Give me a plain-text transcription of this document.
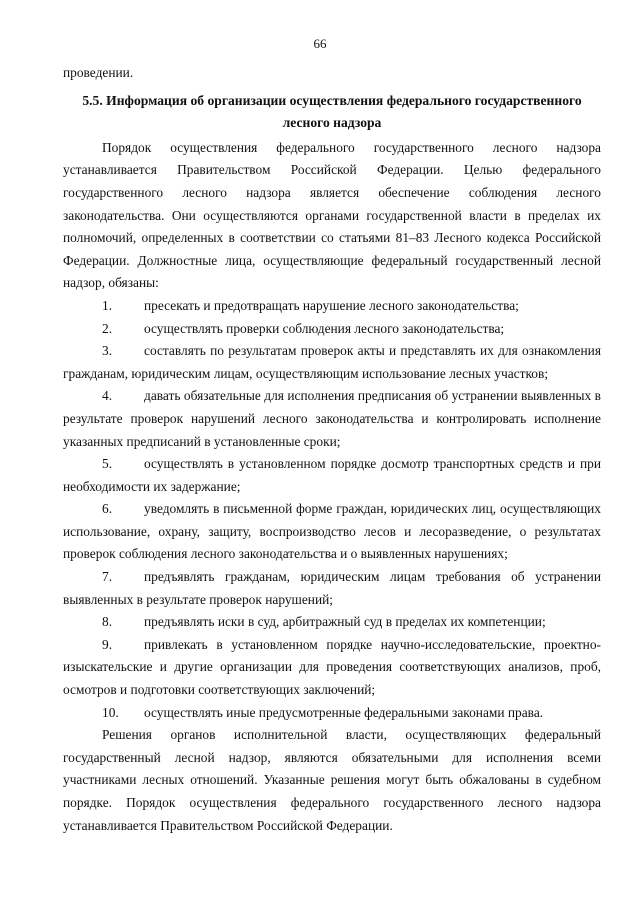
66

проведении.

5.5. Информация об организации осуществления федерального государственного лесного надзора

Порядок осуществления федерального государственного лесного надзора устанавливается Правительством Российской Федерации. Целью федерального государственного лесного надзора является обеспечение соблюдения лесного законодательства. Они осуществляются органами государственной власти в пределах их полномочий, определенных в соответствии со статьями 81–83 Лесного кодекса Российской Федерации. Должностные лица, осуществляющие федеральный государственный лесной надзор, обязаны:

1. пресекать и предотвращать нарушение лесного законодательства;
2. осуществлять проверки соблюдения лесного законодательства;
3. составлять по результатам проверок акты и представлять их для ознакомления гражданам, юридическим лицам, осуществляющим использование лесных участков;
4. давать обязательные для исполнения предписания об устранении выявленных в результате проверок нарушений лесного законодательства и контролировать исполнение указанных предписаний в установленные сроки;
5. осуществлять в установленном порядке досмотр транспортных средств и при необходимости их задержание;
6. уведомлять в письменной форме граждан, юридических лиц, осуществляющих использование, охрану, защиту, воспроизводство лесов и лесоразведение, о результатах проверок соблюдения лесного законодательства и о выявленных нарушениях;
7. предъявлять гражданам, юридическим лицам требования об устранении выявленных в результате проверок нарушений;
8. предъявлять иски в суд, арбитражный суд в пределах их компетенции;
9. привлекать в установленном порядке научно-исследовательские, проектно-изыскательские и другие организации для проведения соответствующих анализов, проб, осмотров и подготовки соответствующих заключений;
10. осуществлять иные предусмотренные федеральными законами права.

Решения органов исполнительной власти, осуществляющих федеральный государственный лесной надзор, являются обязательными для исполнения всеми участниками лесных отношений. Указанные решения могут быть обжалованы в судебном порядке. Порядок осуществления федерального государственного лесного надзора устанавливается Правительством Российской Федерации.
